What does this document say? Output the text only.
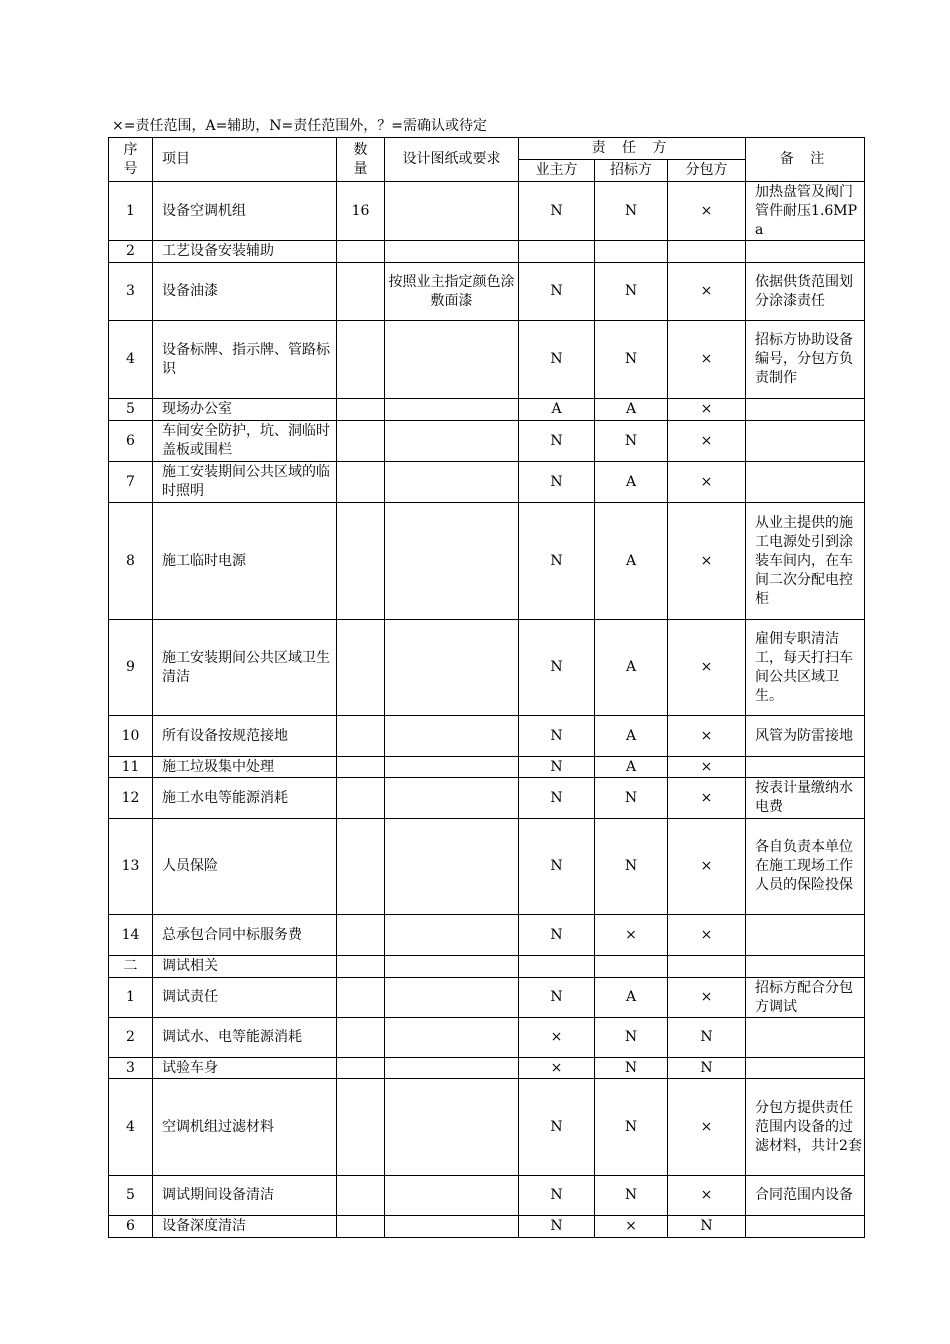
×=责任范围，A=辅助，N=责任范围外，？=需确认或待定
序号	项目	数量	设计图纸或要求	责 任 方			备 注
				业主方	招标方	分包方	
1	设备空调机组	16		N	N	×	加热盘管及阀门管件耐压1.6MPa
2	工艺设备安装辅助						
3	设备油漆		按照业主指定颜色涂敷面漆	N	N	×	依据供货范围划分涂漆责任
4	设备标牌、指示牌、管路标识			N	N	×	招标方协助设备编号，分包方负责制作
5	现场办公室			A	A	×	
6	车间安全防护，坑、洞临时盖板或围栏			N	N	×	
7	施工安装期间公共区域的临时照明			N	A	×	
8	施工临时电源			N	A	×	从业主提供的施工电源处引到涂装车间内，在车间二次分配电控柜
9	施工安装期间公共区域卫生清洁			N	A	×	雇佣专职清洁工，每天打扫车间公共区域卫生。
10	所有设备按规范接地			N	A	×	风管为防雷接地
11	施工垃圾集中处理			N	A	×	
12	施工水电等能源消耗			N	N	×	按表计量缴纳水电费
13	人员保险			N	N	×	各自负责本单位在施工现场工作人员的保险投保
14	总承包合同中标服务费			N	×	×	
二	调试相关						
1	调试责任			N	A	×	招标方配合分包方调试
2	调试水、电等能源消耗			×	N	N	
3	试验车身			×	N	N	
4	空调机组过滤材料			N	N	×	分包方提供责任范围内设备的过滤材料，共计2套
5	调试期间设备清洁			N	N	×	合同范围内设备
6	设备深度清洁			N	×	N	
